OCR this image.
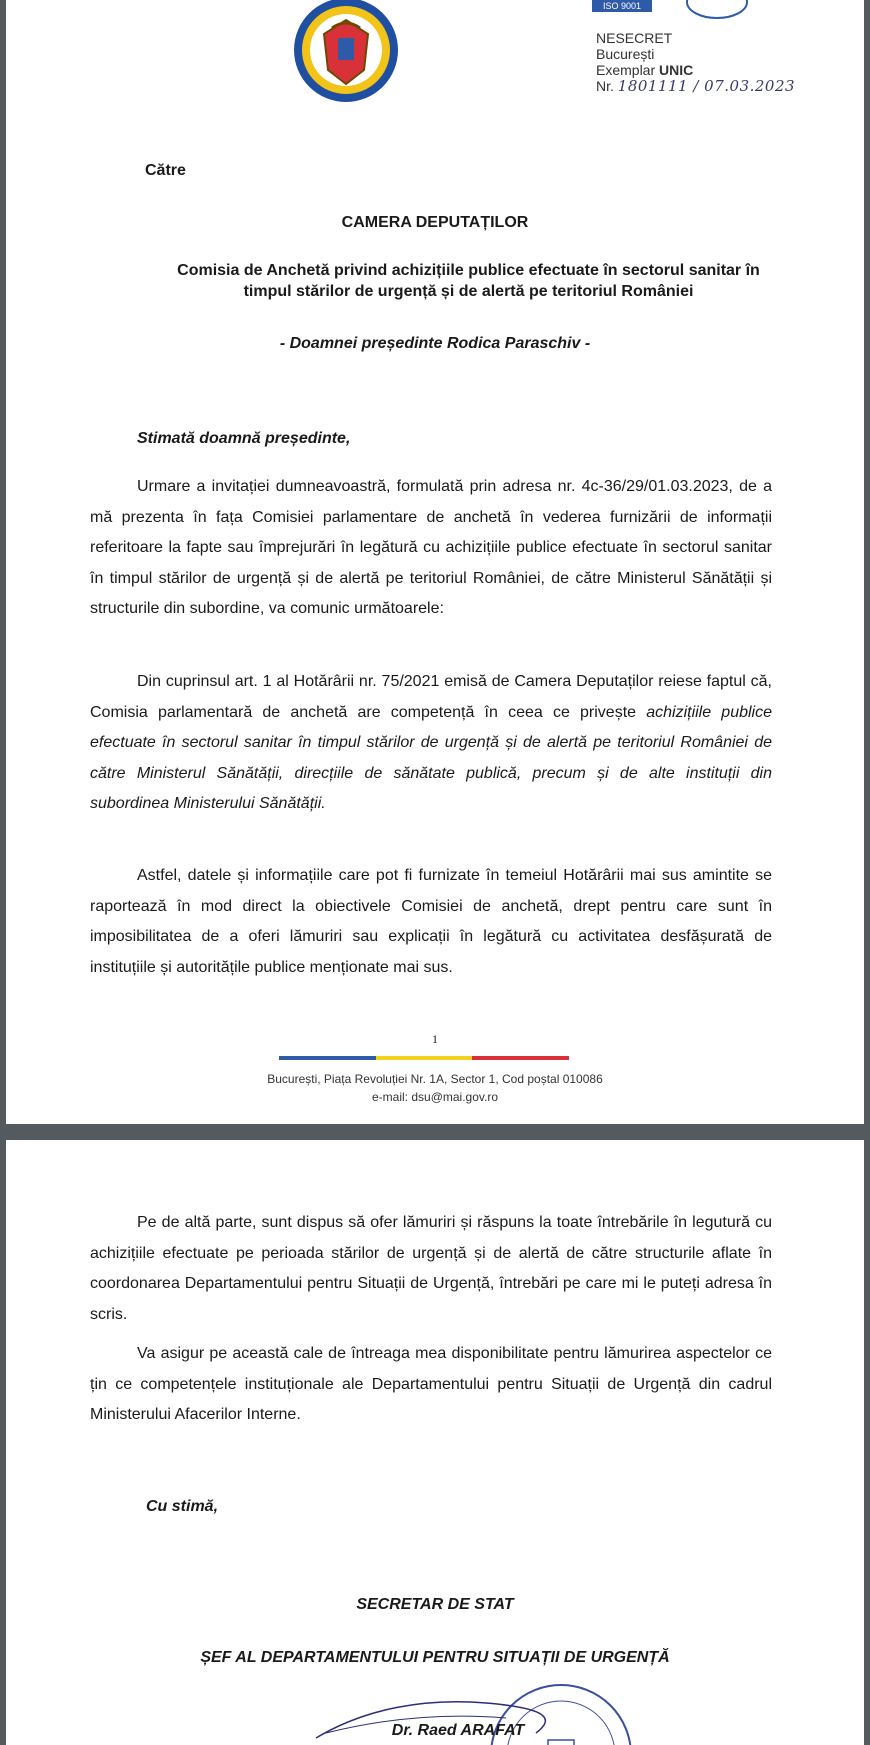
ISO 9001
NESECRET
București
Exemplar UNIC
Nr. 1801111 / 07.03.2023
Către
CAMERA DEPUTAȚILOR
Comisia de Anchetă privind achizițiile publice efectuate în sectorul sanitar în timpul stărilor de urgență și de alertă pe teritoriul României
- Doamnei președinte Rodica Paraschiv -
Stimată doamnă președinte,
Urmare a invitației dumneavoastră, formulată prin adresa nr. 4c-36/29/01.03.2023, de a mă prezenta în fața Comisiei parlamentare de anchetă în vederea furnizării de informații referitoare la fapte sau împrejurări în legătură cu achizițiile publice efectuate în sectorul sanitar în timpul stărilor de urgență și de alertă pe teritoriul României, de către Ministerul Sănătății și structurile din subordine, va comunic următoarele:
Din cuprinsul art. 1 al Hotărârii nr. 75/2021 emisă de Camera Deputaților reiese faptul că, Comisia parlamentară de anchetă are competență în ceea ce privește achizițiile publice efectuate în sectorul sanitar în timpul stărilor de urgență și de alertă pe teritoriul României de către Ministerul Sănătății, direcțiile de sănătate publică, precum și de alte instituții din subordinea Ministerului Sănătății.
Astfel, datele și informațiile care pot fi furnizate în temeiul Hotărârii mai sus amintite se raportează în mod direct la obiectivele Comisiei de anchetă, drept pentru care sunt în imposibilitatea de a oferi lămuriri sau explicații în legătură cu activitatea desfășurată de instituțiile și autoritățile publice menționate mai sus.
1
București, Piața Revoluției Nr. 1A, Sector 1, Cod poștal 010086
e-mail: dsu@mai.gov.ro
Pe de altă parte, sunt dispus să ofer lămuriri și răspuns la toate întrebările în legutură cu achizițiile efectuate pe perioada stărilor de urgență și de alertă de către structurile aflate în coordonarea Departamentului pentru Situații de Urgență, întrebări pe care mi le puteți adresa în scris.
Va asigur pe această cale de întreaga mea disponibilitate pentru lămurirea aspectelor ce țin ce competențele instituționale ale Departamentului pentru Situații de Urgență din cadrul Ministerului Afacerilor Interne.
Cu stimă,
SECRETAR DE STAT
ȘEF AL DEPARTAMENTULUI PENTRU SITUAȚII DE URGENȚĂ
Dr. Raed ARAFAT
